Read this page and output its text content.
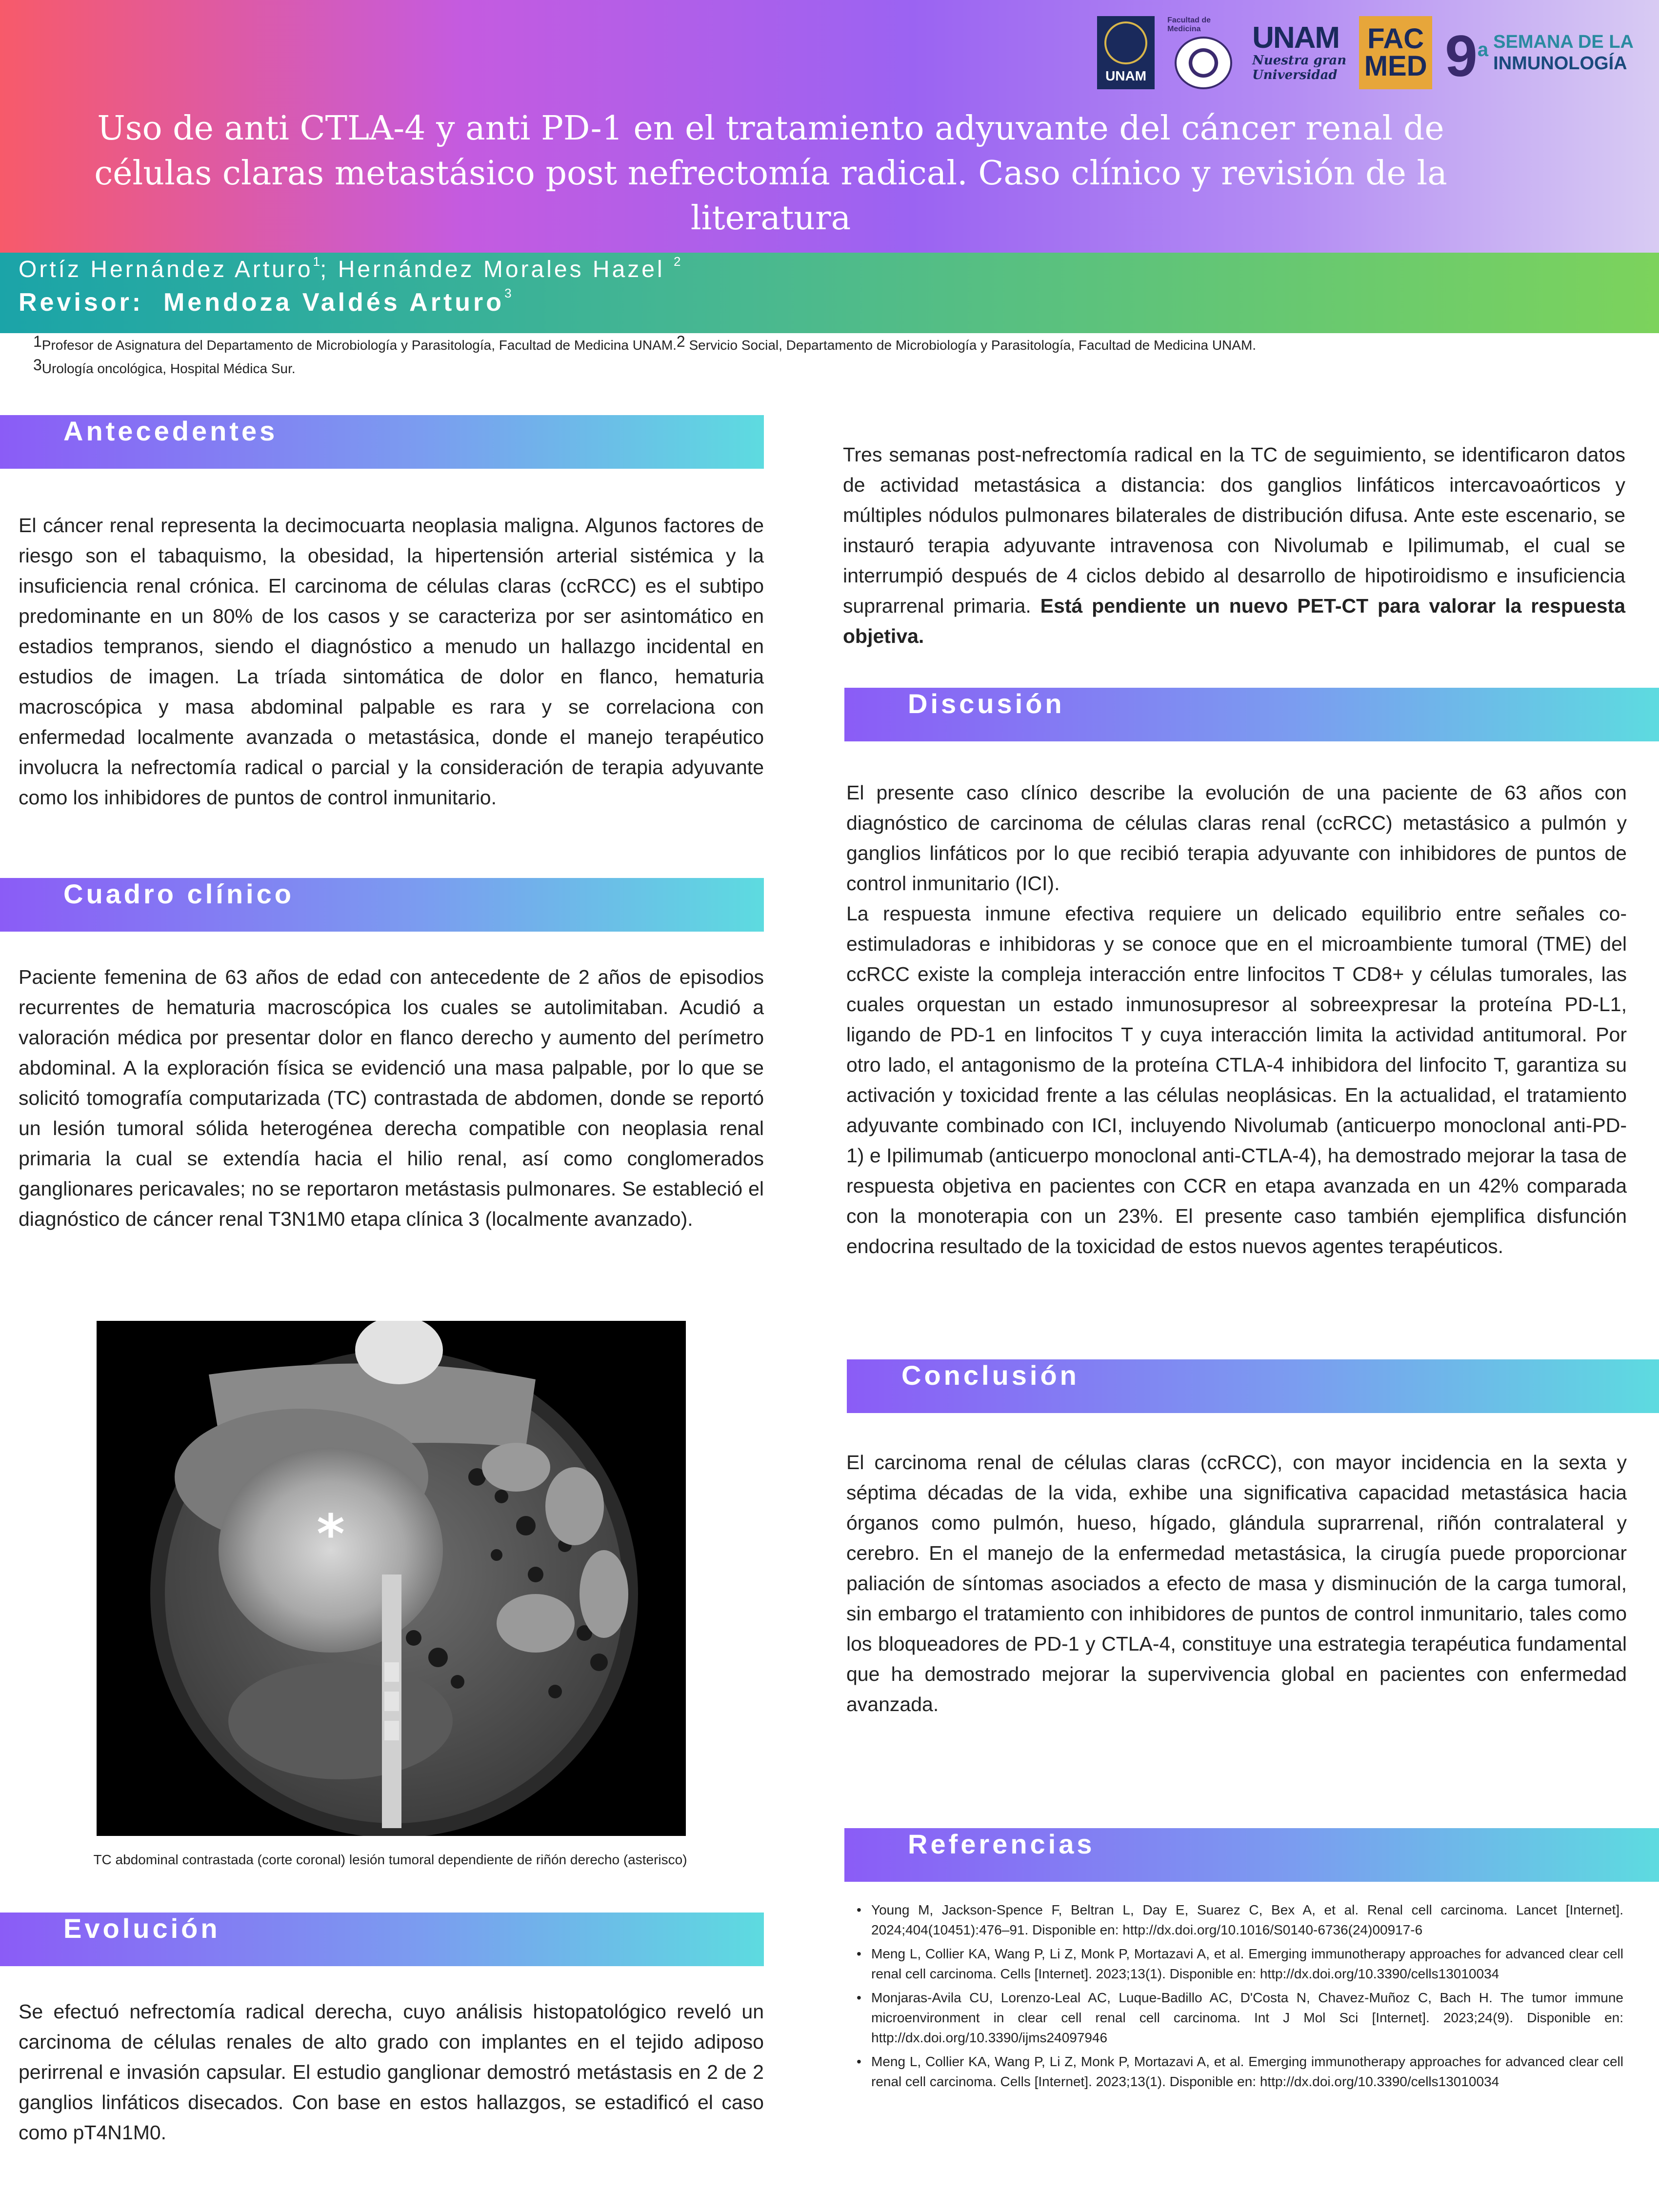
UNAM
Facultad de Medicina	UNAM
Nuestra gran
Universidad
FAC
MED 9$^a$ SEMANA DE LA
INMUNOLOGÍA
Uso de anti CTLA-4 y anti PD-1 en el tratamiento adyuvante del cáncer renal de células claras metastásico post nefrectomía radical. Caso clínico y revisión de la literatura
Ortíz Hernández Arturo$^1$; Hernández Morales Hazel $^2$
Revisor: Mendoza Valdés Arturo$^3$
$^1$Profesor de Asignatura del Departamento de Microbiología y Parasitología, Facultad de Medicina UNAM.$^2$ Servicio Social, Departamento de Microbiología y Parasitología, Facultad de Medicina UNAM.
$^3$Urología oncológica, Hospital Médica Sur.
Antecedentes

El cáncer renal representa la decimocuarta neoplasia maligna. Algunos factores de riesgo son el tabaquismo, la obesidad, la hipertensión arterial sistémica y la insuficiencia renal crónica. El carcinoma de células claras (ccRCC) es el subtipo predominante en un 80% de los casos y se caracteriza por ser asintomático en estadios tempranos, siendo el diagnóstico a menudo un hallazgo incidental en estudios de imagen. La tríada sintomática de dolor en flanco, hematuria macroscópica y masa abdominal palpable es rara y se correlaciona con enfermedad localmente avanzada o metastásica, donde el manejo terapéutico involucra la nefrectomía radical o parcial y la consideración de terapia adyuvante como los inhibidores de puntos de control inmunitario.

Cuadro clínico

Paciente femenina de 63 años de edad con antecedente de 2 años de episodios recurrentes de hematuria macroscópica los cuales se autolimitaban. Acudió a valoración médica por presentar dolor en flanco derecho y aumento del perímetro abdominal. A la exploración física se evidenció una masa palpable, por lo que se solicitó tomografía computarizada (TC) contrastada de abdomen, donde se reportó un lesión tumoral sólida heterogénea derecha compatible con neoplasia renal primaria la cual se extendía hacia el hilio renal, así como conglomerados ganglionares pericavales; no se reportaron metástasis pulmonares. Se estableció el diagnóstico de cáncer renal T3N1M0 etapa clínica 3 (localmente avanzado).

*

TC abdominal contrastada (corte coronal) lesión tumoral dependiente de riñón derecho (asterisco)

Evolución

Se efectuó nefrectomía radical derecha, cuyo análisis histopatológico reveló un carcinoma de células renales de alto grado con implantes en el tejido adiposo perirrenal e invasión capsular. El estudio ganglionar demostró metástasis en 2 de 2 ganglios linfáticos disecados. Con base en estos hallazgos, se estadificó el caso como pT4N1M0.

Tres semanas post-nefrectomía radical en la TC de seguimiento, se identificaron datos de actividad metastásica a distancia: dos ganglios linfáticos intercavoaórticos y múltiples nódulos pulmonares bilaterales de distribución difusa. Ante este escenario, se instauró terapia adyuvante intravenosa con Nivolumab e Ipilimumab, el cual se interrumpió después de 4 ciclos debido al desarrollo de hipotiroidismo e insuficiencia suprarrenal primaria. Está pendiente un nuevo PET-CT para valorar la respuesta objetiva.

Discusión

El presente caso clínico describe la evolución de una paciente de 63 años con diagnóstico de carcinoma de células claras renal (ccRCC) metastásico a pulmón y ganglios linfáticos por lo que recibió terapia adyuvante con inhibidores de puntos de control inmunitario (ICI).

La respuesta inmune efectiva requiere un delicado equilibrio entre señales co-estimuladoras e inhibidoras y se conoce que en el microambiente tumoral (TME) del ccRCC existe la compleja interacción entre linfocitos T CD8+ y células tumorales, las cuales orquestan un estado inmunosupresor al sobreexpresar la proteína PD-L1, ligando de PD-1 en linfocitos T y cuya interacción limita la actividad antitumoral. Por otro lado, el antagonismo de la proteína CTLA-4 inhibidora del linfocito T, garantiza su activación y toxicidad frente a las células neoplásicas. En la actualidad, el tratamiento adyuvante combinado con ICI, incluyendo Nivolumab (anticuerpo monoclonal anti-PD-1) e Ipilimumab (anticuerpo monoclonal anti-CTLA-4), ha demostrado mejorar la tasa de respuesta objetiva en pacientes con CCR en etapa avanzada en un 42% comparada con la monoterapia con un 23%. El presente caso también ejemplifica disfunción endocrina resultado de la toxicidad de estos nuevos agentes terapéuticos.

Conclusión

El carcinoma renal de células claras (ccRCC), con mayor incidencia en la sexta y séptima décadas de la vida, exhibe una significativa capacidad metastásica hacia órganos como pulmón, hueso, hígado, glándula suprarrenal, riñón contralateral y cerebro. En el manejo de la enfermedad metastásica, la cirugía puede proporcionar paliación de síntomas asociados a efecto de masa y disminución de la carga tumoral, sin embargo el tratamiento con inhibidores de puntos de control inmunitario, tales como los bloqueadores de PD-1 y CTLA-4, constituye una estrategia terapéutica fundamental que ha demostrado mejorar la supervivencia global en pacientes con enfermedad avanzada.

Referencias
• Young M, Jackson-Spence F, Beltran L, Day E, Suarez C, Bex A, et al. Renal cell carcinoma. Lancet [Internet]. 2024;404(10451):476–91. Disponible en: http://dx.doi.org/10.1016/S0140-6736(24)00917-6
• Meng L, Collier KA, Wang P, Li Z, Monk P, Mortazavi A, et al. Emerging immunotherapy approaches for advanced clear cell renal cell carcinoma. Cells [Internet]. 2023;13(1). Disponible en: http://dx.doi.org/10.3390/cells13010034
• Monjaras-Avila CU, Lorenzo-Leal AC, Luque-Badillo AC, D'Costa N, Chavez-Muñoz C, Bach H. The tumor immune microenvironment in clear cell renal cell carcinoma. Int J Mol Sci [Internet]. 2023;24(9). Disponible en: http://dx.doi.org/10.3390/ijms24097946
• Meng L, Collier KA, Wang P, Li Z, Monk P, Mortazavi A, et al. Emerging immunotherapy approaches for advanced clear cell renal cell carcinoma. Cells [Internet]. 2023;13(1). Disponible en: http://dx.doi.org/10.3390/cells13010034
